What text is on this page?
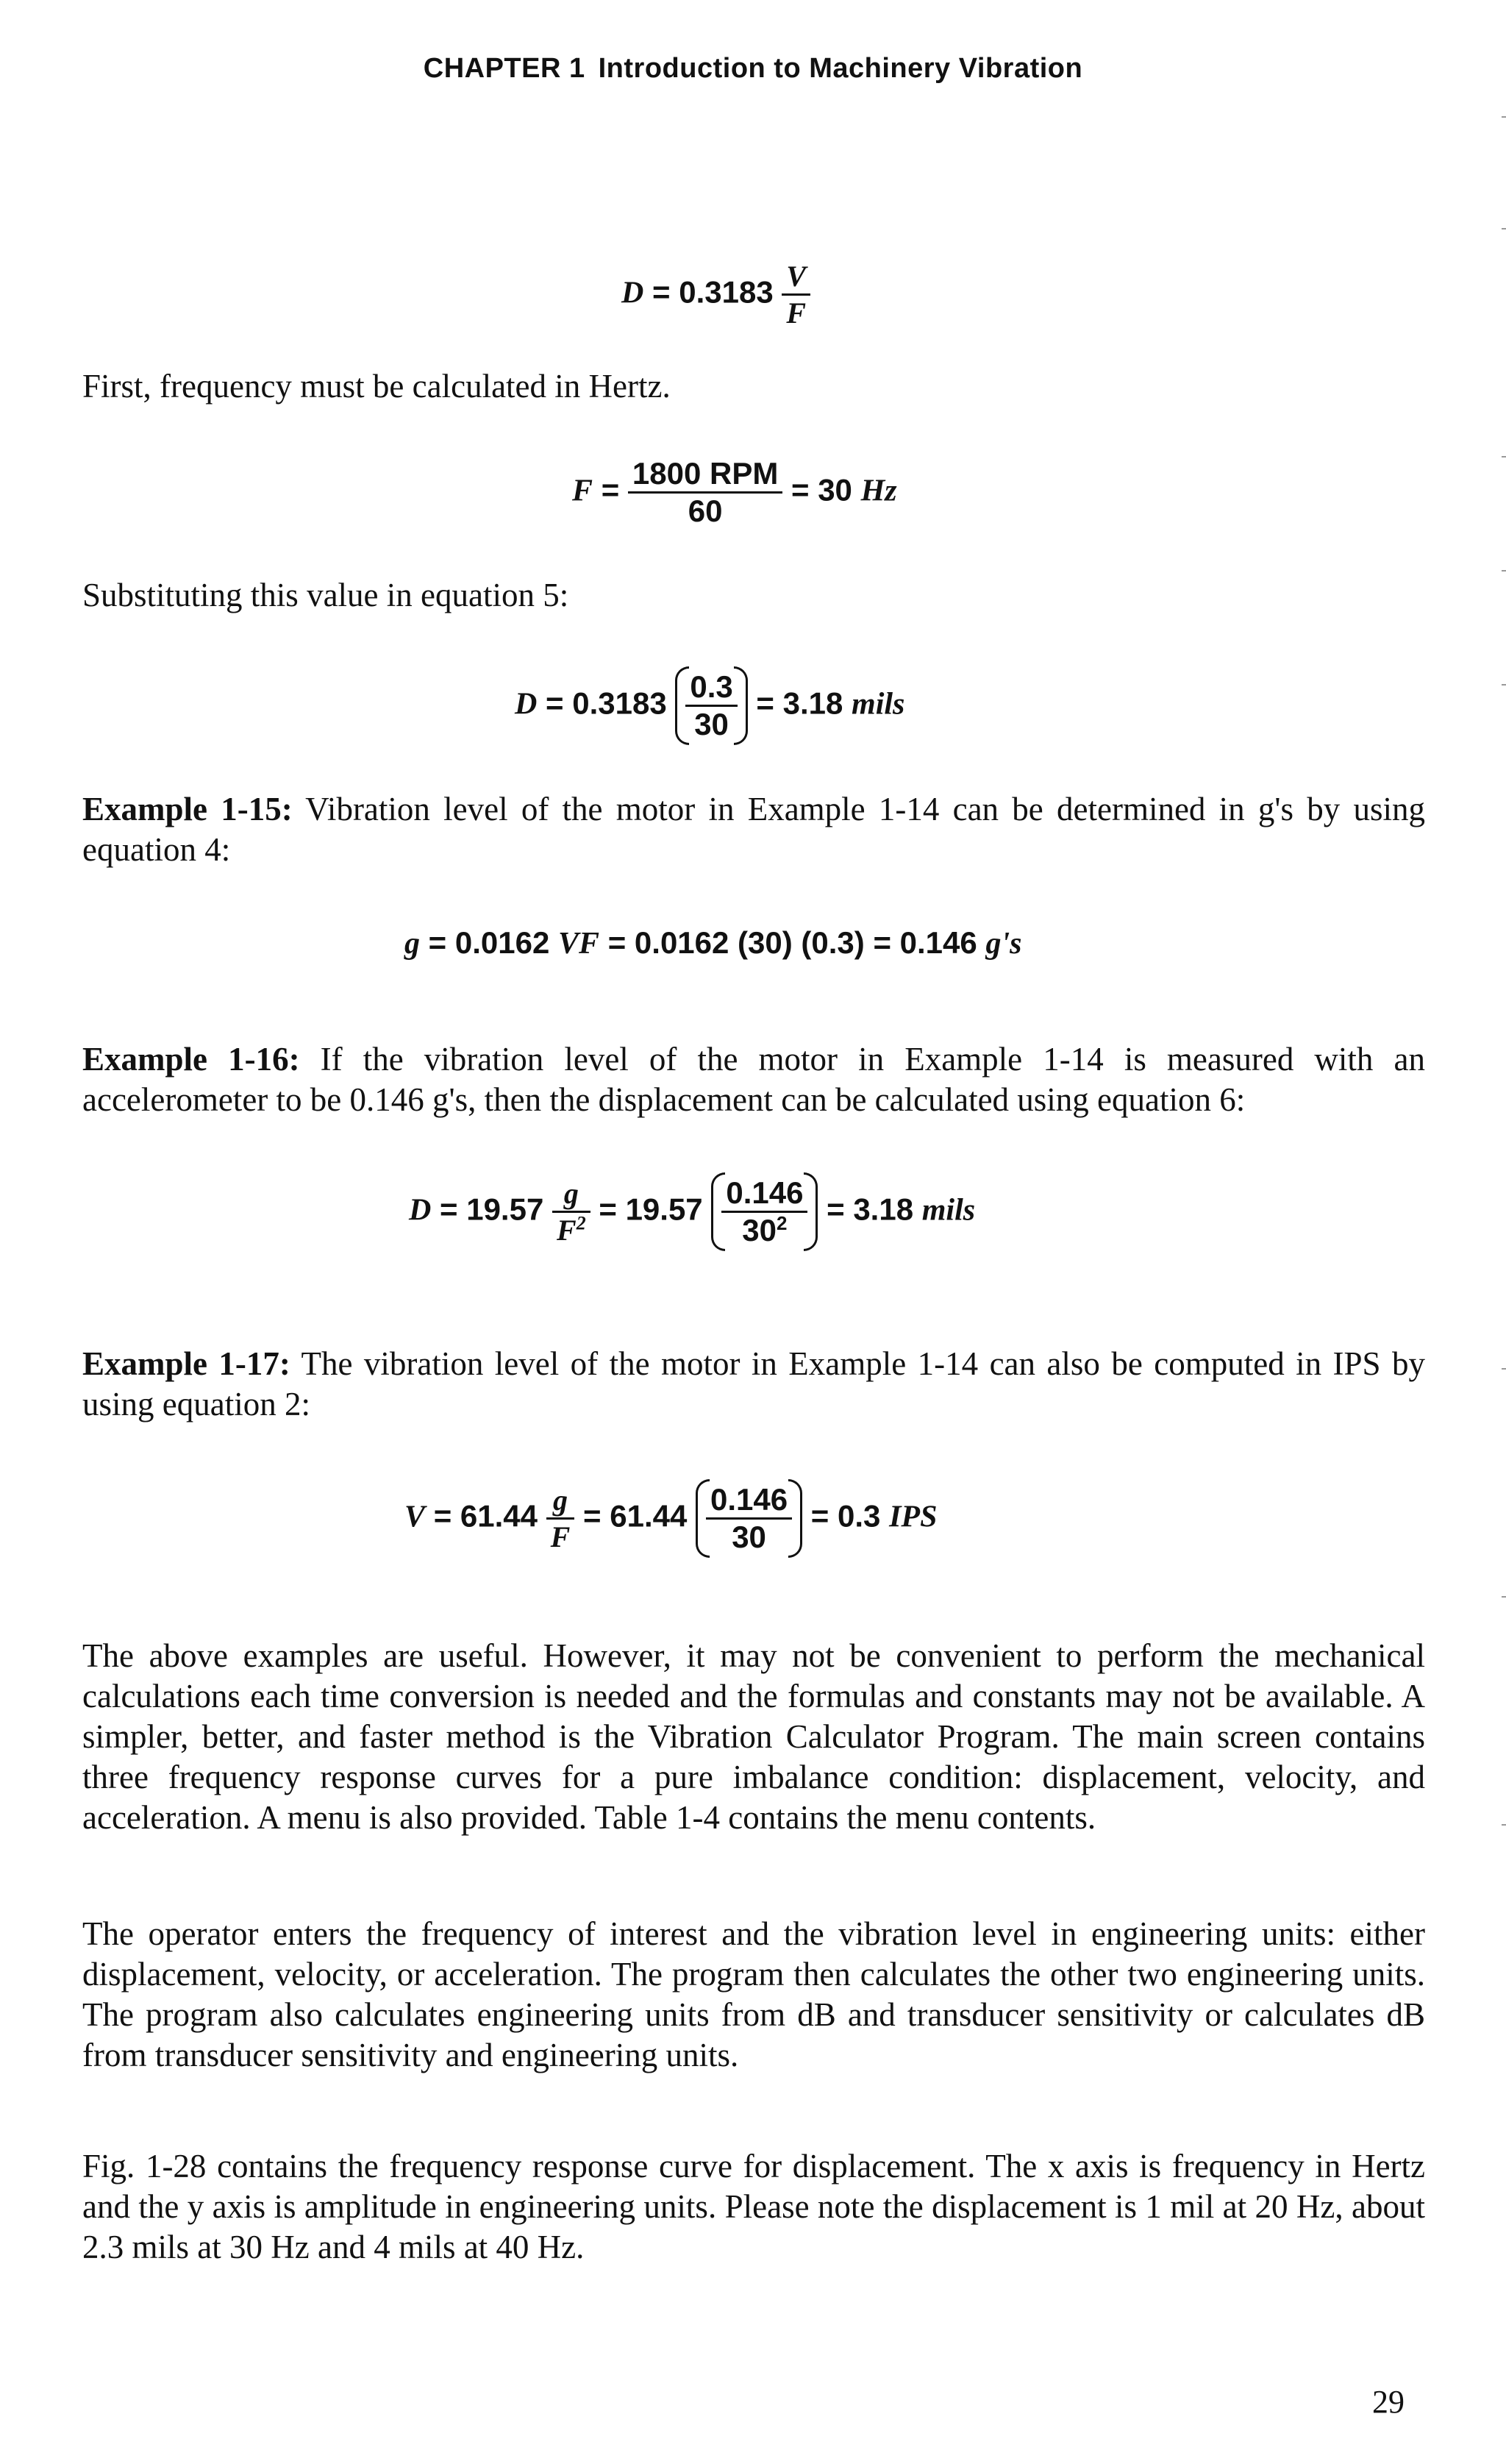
CHAPTER 1 Introduction to Machinery Vibration
$D = 0.3183 \frac{V}{F}$
First, frequency must be calculated in Hertz.
$F = \frac{\text{1800 RPM}}{60} = 30$ Hz
Substituting this value in equation 5:
$D = 0.3183 \frac{0.3}{30} = 3.18$ mils
Example 1-15: Vibration level of the motor in Example 1-14 can be determined in g's by using equation 4:
g = 0.0162 VF = 0.0162 (30) (0.3) = 0.146 g's
Example 1-16: If the vibration level of the motor in Example 1-14 is measured with an accelerometer to be 0.146 g's, then the displacement can be calculated using equation 6:
$D = 19.57 \frac{g}{F^2} = 19.57 \frac{0.146}{30^2} = 3.18$ mils
Example 1-17: The vibration level of the motor in Example 1-14 can also be computed in IPS by using equation 2:
$V = 61.44 \frac{g}{F} = 61.44 \frac{0.146}{30} = 0.3$ IPS
The above examples are useful. However, it may not be convenient to perform the mechanical calculations each time conversion is needed and the formulas and constants may not be available. A simpler, better, and faster method is the Vibration Calculator Program. The main screen contains three frequency response curves for a pure imbalance condition: displacement, velocity, and acceleration. A menu is also provided. Table 1-4 contains the menu contents.
The operator enters the frequency of interest and the vibration level in engineering units: either displacement, velocity, or acceleration. The program then calculates the other two engineering units. The program also calculates engineering units from dB and transducer sensitivity or calculates dB from transducer sensitivity and engineering units.
Fig. 1-28 contains the frequency response curve for displacement. The x axis is frequency in Hertz and the y axis is amplitude in engineering units. Please note the displacement is 1 mil at 20 Hz, about 2.3 mils at 30 Hz and 4 mils at 40 Hz.
29
